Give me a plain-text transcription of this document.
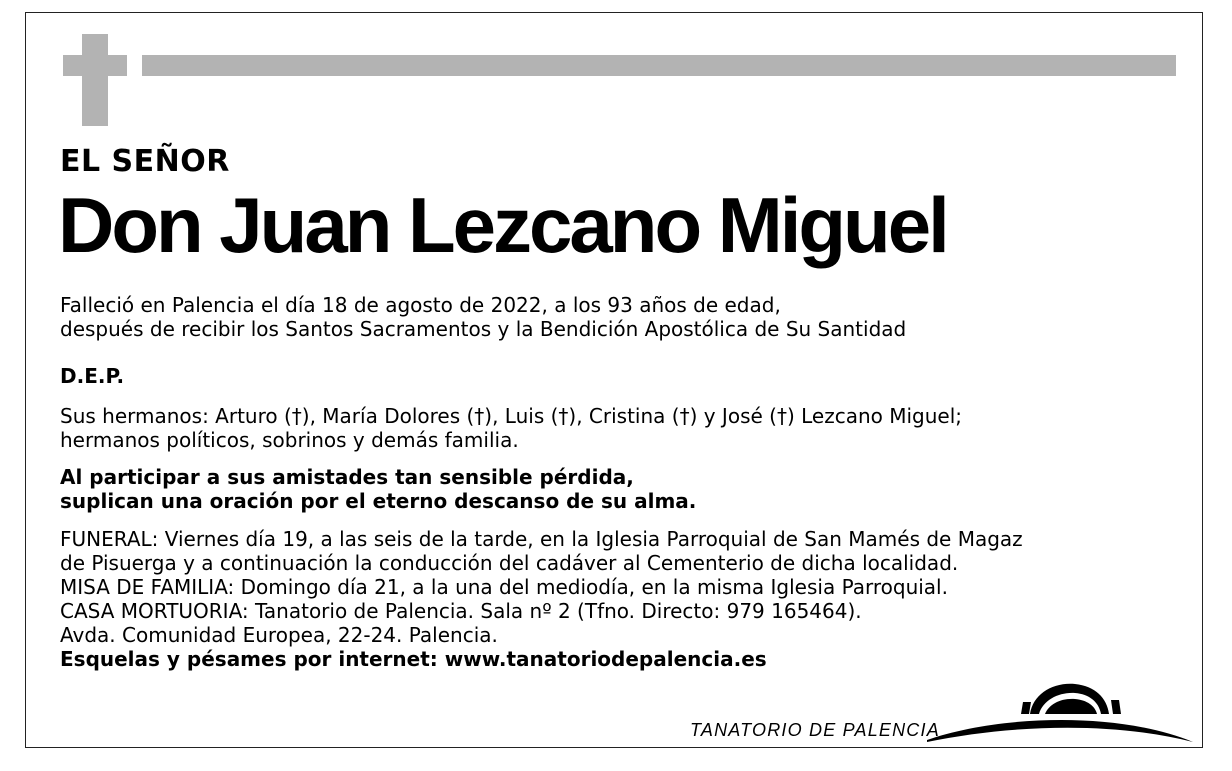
EL SEÑOR
Don Juan Lezcano Miguel
Falleció en Palencia el día 18 de agosto de 2022, a los 93 años de edad,
después de recibir los Santos Sacramentos y la Bendición Apostólica de Su Santidad
D.E.P.
Sus hermanos: Arturo (†), María Dolores (†), Luis (†), Cristina (†) y José (†) Lezcano Miguel;
hermanos políticos, sobrinos y demás familia.
Al participar a sus amistades tan sensible pérdida,
suplican una oración por el eterno descanso de su alma.
FUNERAL: Viernes día 19, a las seis de la tarde, en la Iglesia Parroquial de San Mamés de Magaz
de Pisuerga y a continuación la conducción del cadáver al Cementerio de dicha localidad.
MISA DE FAMILIA: Domingo día 21, a la una del mediodía, en la misma Iglesia Parroquial.
CASA MORTUORIA: Tanatorio de Palencia. Sala nº 2 (Tfno. Directo: 979 165464).
Avda. Comunidad Europea, 22-24. Palencia.
Esquelas y pésames por internet: www.tanatoriodepalencia.es
TANATORIO DE PALENCIA
